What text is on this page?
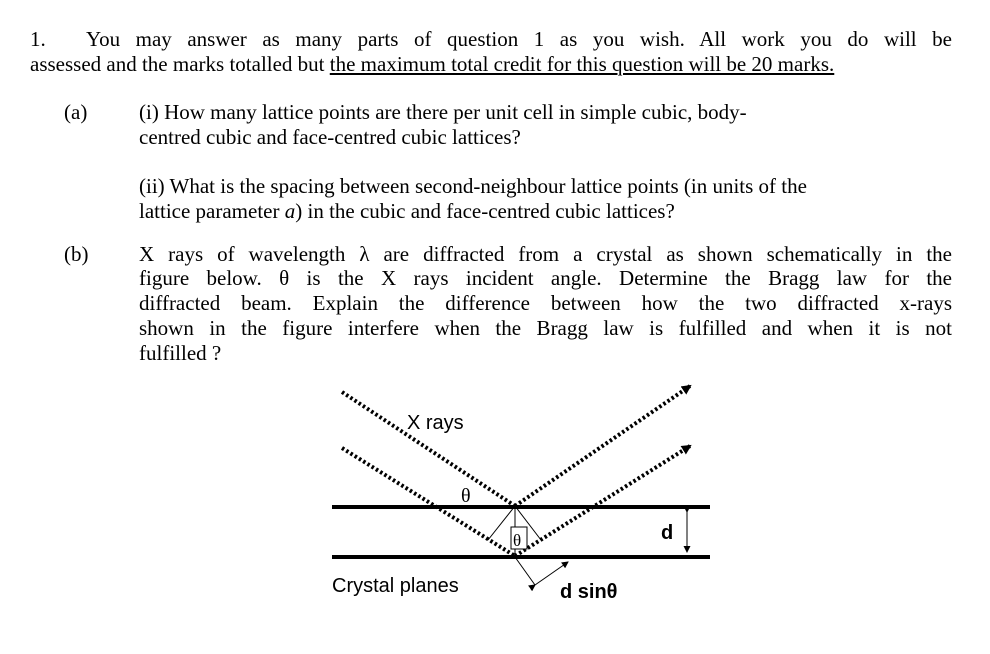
1. You may answer as many parts of question 1 as you wish. All work you do will be
assessed and the marks totalled but the maximum total credit for this question will be 20 marks.
(a) (i) How many lattice points are there per unit cell in simple cubic, body-
centred cubic and face-centred cubic lattices?
(ii) What is the spacing between second-neighbour lattice points (in units of the
lattice parameter a) in the cubic and face-centred cubic lattices?
(b) X rays of wavelength λ are diffracted from a crystal as shown schematically in the
figure below. θ is the X rays incident angle. Determine the Bragg law for the
diffracted beam. Explain the difference between how the two diffracted x-rays
shown in the figure interfere when the Bragg law is fulfilled and when it is not
fulfilled ?
X rays
θ
θ	d
d sinθ
Crystal planes
